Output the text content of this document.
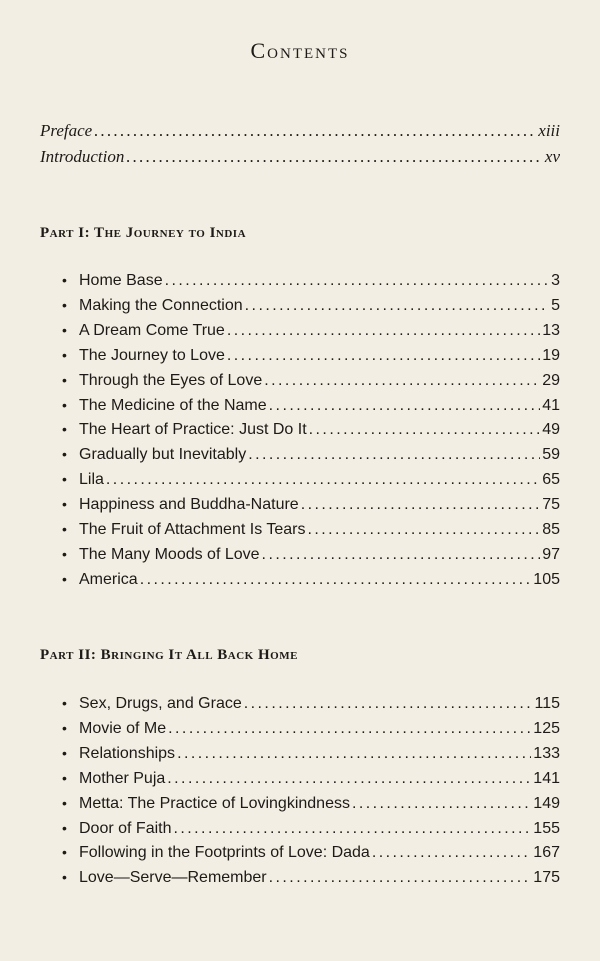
Contents
Preface . . .	xiii
Introduction . . .	xv
Part I: The Journey to India
• Home Base . . .	3
• Making the Connection . . .	5
• A Dream Come True . . .	13
• The Journey to Love . . .	19
• Through the Eyes of Love . . .	29
• The Medicine of the Name . . .	41
• The Heart of Practice: Just Do It . . .	49
• Gradually but Inevitably . . .	59
• Lila . . .	65
• Happiness and Buddha-Nature . . .	75
• The Fruit of Attachment Is Tears . . .	85
• The Many Moods of Love . . .	97
• America . . .	105
Part II: Bringing It All Back Home
• Sex, Drugs, and Grace . . .	115
• Movie of Me . . .	125
• Relationships . . .	133
• Mother Puja . . .	141
• Metta: The Practice of Lovingkindness . . .	149
• Door of Faith . . .	155
• Following in the Footprints of Love: Dada . . .	167
• Love—Serve—Remember . . .	175
